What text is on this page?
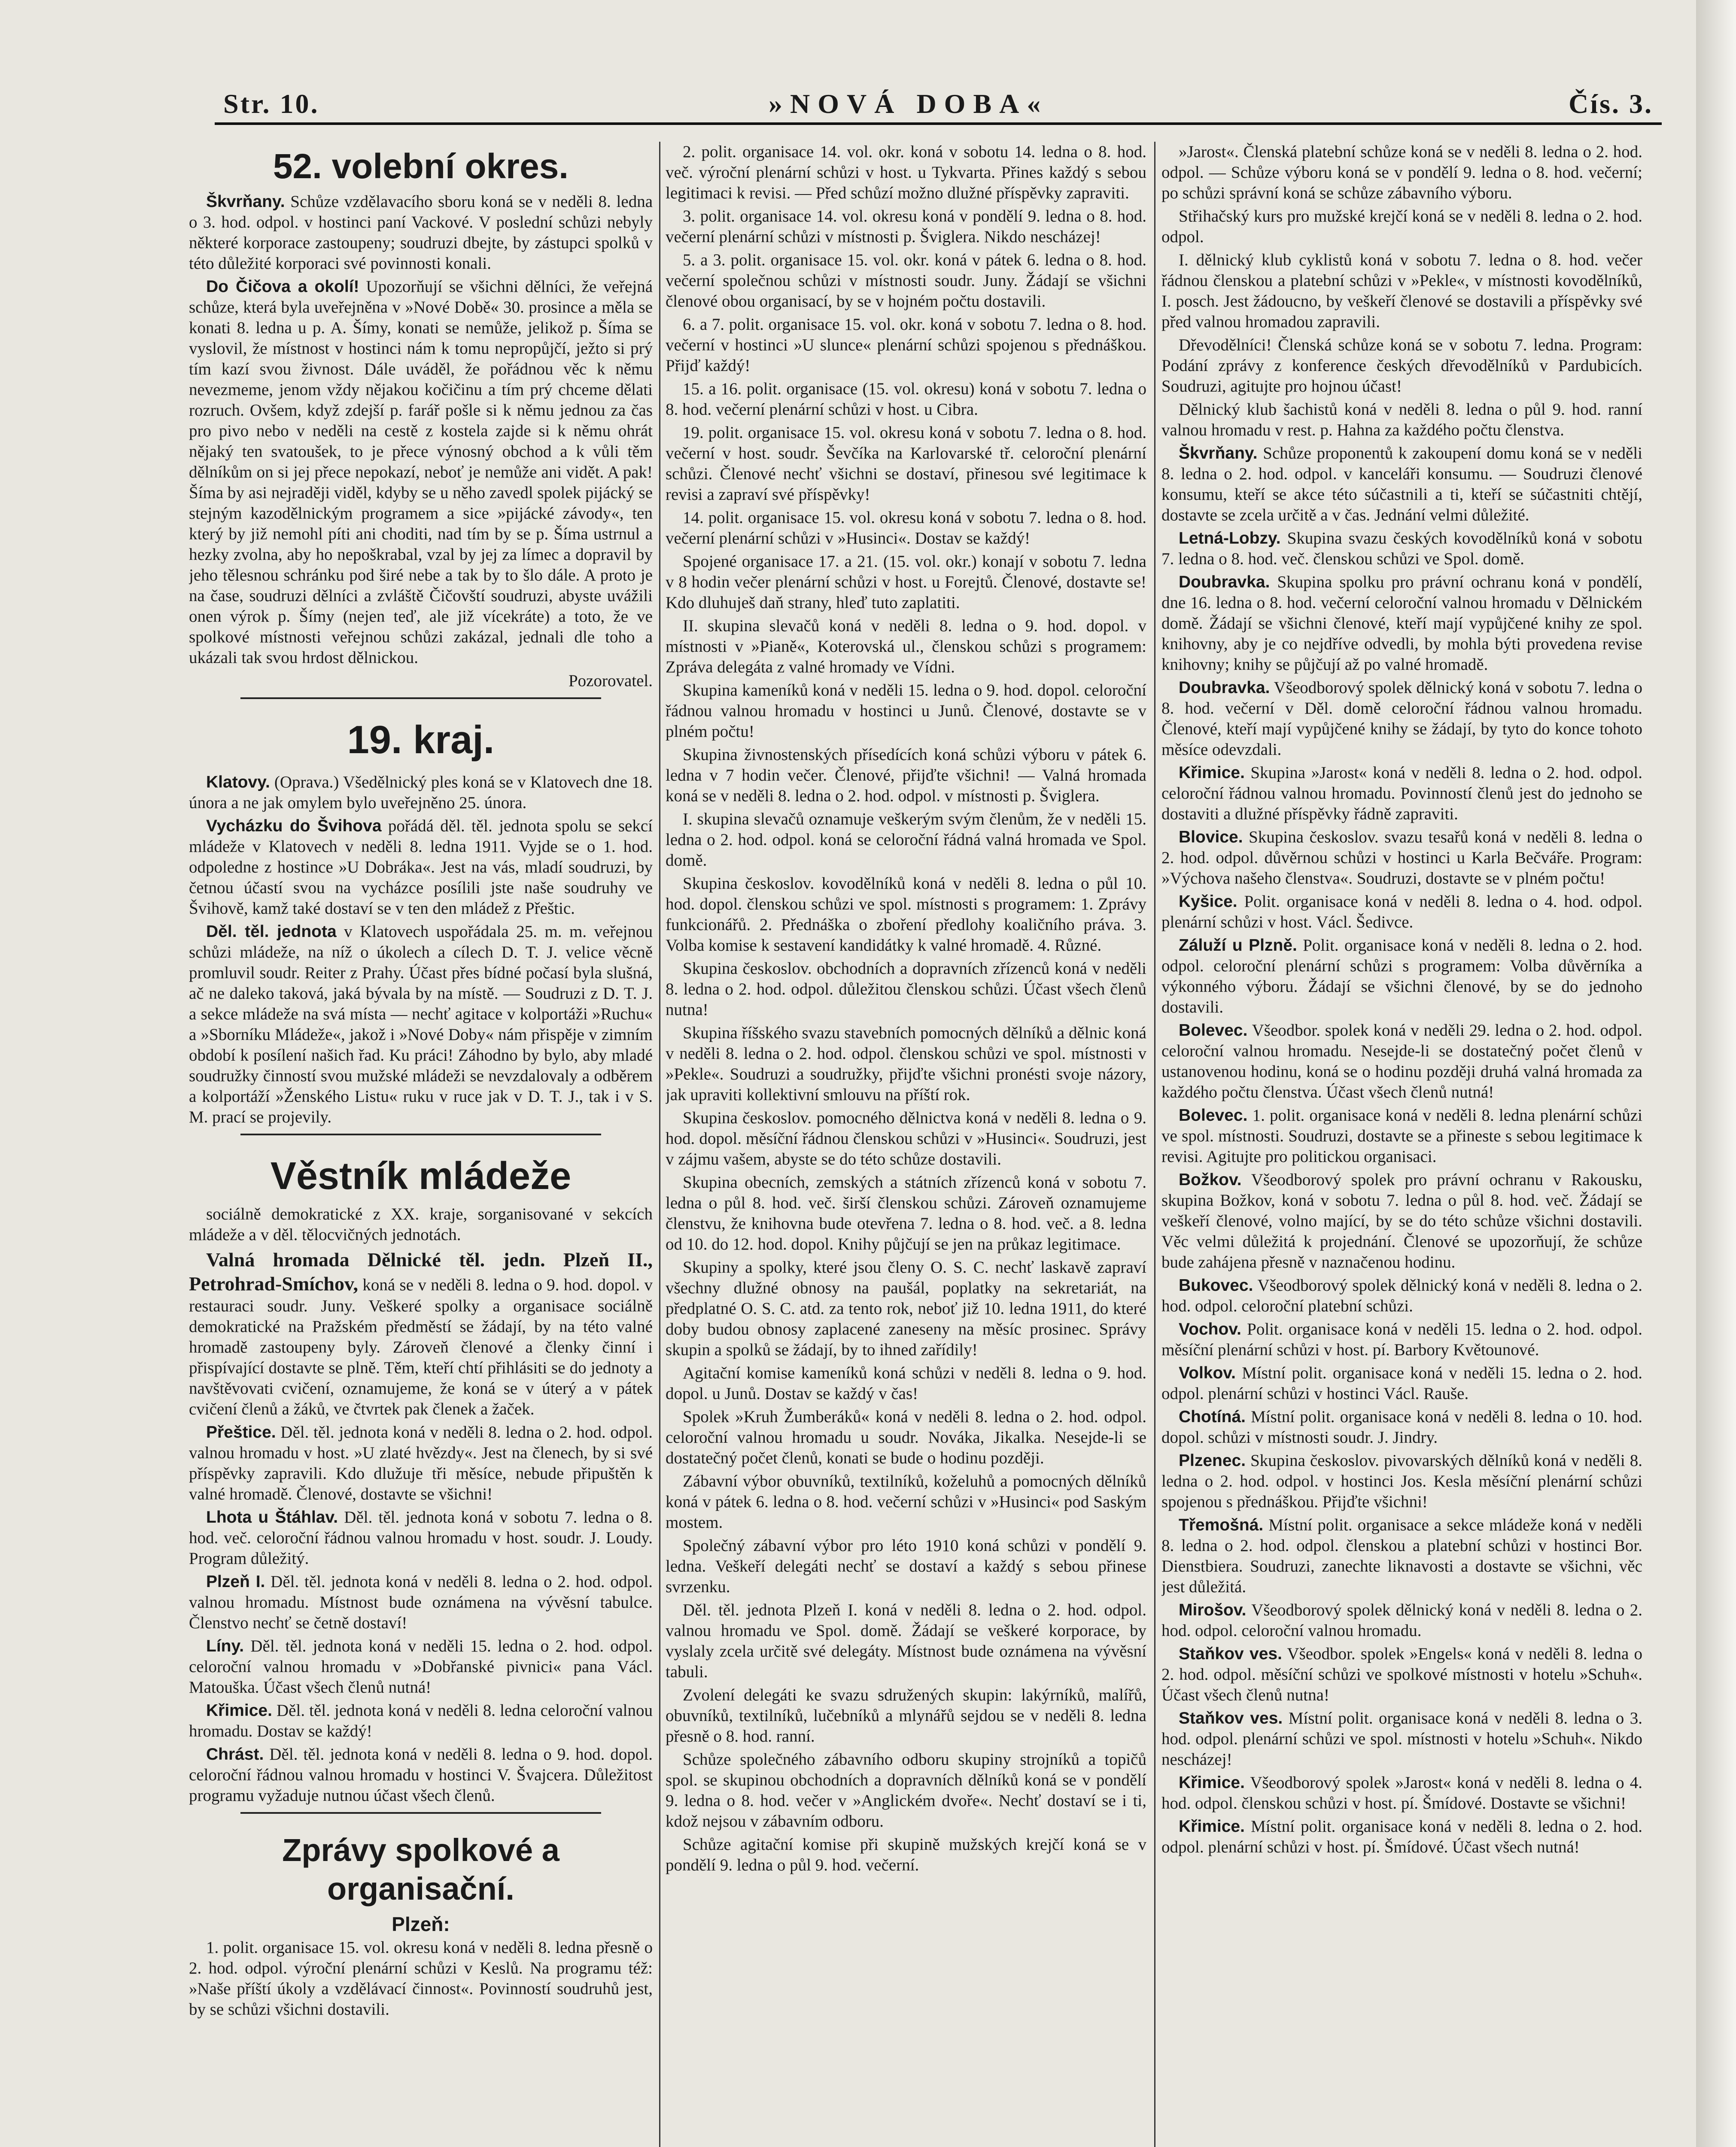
Str. 10.	»NOVÁ DOBA«	Čís. 3.
52. volební okres.

Škvrňany. Schůze vzdělavacího sboru koná se v neděli 8. ledna o 3. hod. odpol. v hostinci paní Vackové. V poslední schůzi nebyly některé korporace zastoupeny; soudruzi dbejte, by zástupci spolků v této důležité korporaci své povinnosti konali.

Do Čičova a okolí! Upozorňují se všichni dělníci, že veřejná schůze, která byla uveřejněna v »Nové Době« 30. prosince a měla se konati 8. ledna u p. A. Šímy, konati se nemůže, jelikož p. Šíma se vyslovil, že místnost v hostinci nám k tomu nepropůjčí, ježto si prý tím kazí svou živnost. Dále uváděl, že pořádnou věc k němu nevezmeme, jenom vždy nějakou kočičinu a tím prý chceme dělati rozruch. Ovšem, když zdejší p. farář pošle si k němu jednou za čas pro pivo nebo v neděli na cestě z kostela zajde si k němu ohrát nějaký ten svatoušek, to je přece výnosný obchod a k vůli těm dělníkům on si jej přece nepokazí, neboť je nemůže ani vidět. A pak! Šíma by asi nejraději viděl, kdyby se u něho zavedl spolek pijácký se stejným kazodělnickým programem a sice »pijácké závody«, ten který by již nemohl píti ani choditi, nad tím by se p. Šíma ustrnul a hezky zvolna, aby ho nepoškrabal, vzal by jej za límec a dopravil by jeho tělesnou schránku pod širé nebe a tak by to šlo dále. A proto je na čase, soudruzi dělníci a zvláště Čičovští soudruzi, abyste uvážili onen výrok p. Šímy (nejen teď, ale již vícekráte) a toto, že ve spolkové místnosti veřejnou schůzi zakázal, jednali dle toho a ukázali tak svou hrdost dělnickou.

Pozorovatel.
19. kraj.

Klatovy. (Oprava.) Všedělnický ples koná se v Klatovech dne 18. února a ne jak omylem bylo uveřejněno 25. února.

Vycházku do Švihova pořádá děl. těl. jednota spolu se sekcí mládeže v Klatovech v neděli 8. ledna 1911. Vyjde se o 1. hod. odpoledne z hostince »U Dobráka«. Jest na vás, mladí soudruzi, by četnou účastí svou na vycházce posílili jste naše soudruhy ve Švihově, kamž také dostaví se v ten den mládež z Přeštic.

Děl. těl. jednota v Klatovech uspořádala 25. m. m. veřejnou schůzi mládeže, na níž o úkolech a cílech D. T. J. velice věcně promluvil soudr. Reiter z Prahy. Účast přes bídné počasí byla slušná, ač ne daleko taková, jaká bývala by na místě. — Soudruzi z D. T. J. a sekce mládeže na svá místa — nechť agitace v kolportáži »Ruchu« a »Sborníku Mládeže«, jakož i »Nové Doby« nám přispěje v zimním období k posílení našich řad. Ku práci! Záhodno by bylo, aby mladé soudružky činností svou mužské mládeži se nevzdalovaly a odběrem a kolportáží »Ženského Listu« ruku v ruce jak v D. T. J., tak i v S. M. prací se projevily.

Věstník mládeže

sociálně demokratické z XX. kraje, sorganisované v sekcích mládeže a v děl. tělocvičných jednotách.

Valná hromada Dělnické těl. jedn. Plzeň II., Petrohrad-Smíchov, koná se v neděli 8. ledna o 9. hod. dopol. v restauraci soudr. Juny. Veškeré spolky a organisace sociálně demokratické na Pražském předměstí se žádají, by na této valné hromadě zastoupeny byly. Zároveň členové a členky činní i přispívající dostavte se plně. Těm, kteří chtí přihlásiti se do jednoty a navštěvovati cvičení, oznamujeme, že koná se v úterý a v pátek cvičení členů a žáků, ve čtvrtek pak členek a žaček.

Přeštice. Děl. těl. jednota koná v neděli 8. ledna o 2. hod. odpol. valnou hromadu v host. »U zlaté hvězdy«. Jest na členech, by si své příspěvky zapravili. Kdo dlužuje tři měsíce, nebude připuštěn k valné hromadě. Členové, dostavte se všichni!

Lhota u Štáhlav. Děl. těl. jednota koná v sobotu 7. ledna o 8. hod. več. celoroční řádnou valnou hromadu v host. soudr. J. Loudy. Program důležitý.

Plzeň I. Děl. těl. jednota koná v neděli 8. ledna o 2. hod. odpol. valnou hromadu. Místnost bude oznámena na vývěsní tabulce. Členstvo nechť se četně dostaví!

Líny. Děl. těl. jednota koná v neděli 15. ledna o 2. hod. odpol. celoroční valnou hromadu v »Dobřanské pivnici« pana Václ. Matouška. Účast všech členů nutná!

Křimice. Děl. těl. jednota koná v neděli 8. ledna celoroční valnou hromadu. Dostav se každý!

Chrást. Děl. těl. jednota koná v neděli 8. ledna o 9. hod. dopol. celoroční řádnou valnou hromadu v hostinci V. Švajcera. Důležitost programu vyžaduje nutnou účast všech členů.

Zprávy spolkové a organisační.
Plzeň:

1. polit. organisace 15. vol. okresu koná v neděli 8. ledna přesně o 2. hod. odpol. výroční plenární schůzi v Keslů. Na programu též: »Naše příští úkoly a vzdělávací činnost«. Povinností soudruhů jest, by se schůzi všichni dostavili.

2. polit. organisace 14. vol. okr. koná v sobotu 14. ledna o 8. hod. več. výroční plenární schůzi v host. u Tykvarta. Přines každý s sebou legitimaci k revisi. — Před schůzí možno dlužné příspěvky zapraviti.

3. polit. organisace 14. vol. okresu koná v pondělí 9. ledna o 8. hod. večerní plenární schůzi v místnosti p. Šviglera. Nikdo nescházej!

5. a 3. polit. organisace 15. vol. okr. koná v pátek 6. ledna o 8. hod. večerní společnou schůzi v místnosti soudr. Juny. Žádají se všichni členové obou organisací, by se v hojném počtu dostavili.

6. a 7. polit. organisace 15. vol. okr. koná v sobotu 7. ledna o 8. hod. večerní v hostinci »U slunce« plenární schůzi spojenou s přednáškou. Přijď každý!

15. a 16. polit. organisace (15. vol. okresu) koná v sobotu 7. ledna o 8. hod. večerní plenární schůzi v host. u Cibra.

19. polit. organisace 15. vol. okresu koná v sobotu 7. ledna o 8. hod. večerní v host. soudr. Ševčíka na Karlovarské tř. celoroční plenární schůzi. Členové nechť všichni se dostaví, přinesou své legitimace k revisi a zapraví své příspěvky!

14. polit. organisace 15. vol. okresu koná v sobotu 7. ledna o 8. hod. večerní plenární schůzi v »Husinci«. Dostav se každý!

Spojené organisace 17. a 21. (15. vol. okr.) konají v sobotu 7. ledna v 8 hodin večer plenární schůzi v host. u Forejtů. Členové, dostavte se! Kdo dluhuješ daň strany, hleď tuto zaplatiti.

II. skupina slevačů koná v neděli 8. ledna o 9. hod. dopol. v místnosti v »Pianě«, Koterovská ul., členskou schůzi s programem: Zpráva delegáta z valné hromady ve Vídni.

Skupina kameníků koná v neděli 15. ledna o 9. hod. dopol. celoroční řádnou valnou hromadu v hostinci u Junů. Členové, dostavte se v plném počtu!

Skupina živnostenských přísedících koná schůzi výboru v pátek 6. ledna v 7 hodin večer. Členové, přijďte všichni! — Valná hromada koná se v neděli 8. ledna o 2. hod. odpol. v místnosti p. Šviglera.

I. skupina slevačů oznamuje veškerým svým členům, že v neděli 15. ledna o 2. hod. odpol. koná se celoroční řádná valná hromada ve Spol. domě.

Skupina českoslov. kovodělníků koná v neděli 8. ledna o půl 10. hod. dopol. členskou schůzi ve spol. místnosti s programem: 1. Zprávy funkcionářů. 2. Přednáška o zboření předlohy koaličního práva. 3. Volba komise k sestavení kandidátky k valné hromadě. 4. Různé.

Skupina českoslov. obchodních a dopravních zřízenců koná v neděli 8. ledna o 2. hod. odpol. důležitou členskou schůzi. Účast všech členů nutna!

Skupina říšského svazu stavebních pomocných dělníků a dělnic koná v neděli 8. ledna o 2. hod. odpol. členskou schůzi ve spol. místnosti v »Pekle«. Soudruzi a soudružky, přijďte všichni pronésti svoje názory, jak upraviti kollektivní smlouvu na příští rok.

Skupina českoslov. pomocného dělnictva koná v neděli 8. ledna o 9. hod. dopol. měsíční řádnou členskou schůzi v »Husinci«. Soudruzi, jest v zájmu vašem, abyste se do této schůze dostavili.

Skupina obecních, zemských a státních zřízenců koná v sobotu 7. ledna o půl 8. hod. več. širší členskou schůzi. Zároveň oznamujeme členstvu, že knihovna bude otevřena 7. ledna o 8. hod. več. a 8. ledna od 10. do 12. hod. dopol. Knihy půjčují se jen na průkaz legitimace.

Skupiny a spolky, které jsou členy O. S. C. nechť laskavě zapraví všechny dlužné obnosy na paušál, poplatky na sekretariát, na předplatné O. S. C. atd. za tento rok, neboť již 10. ledna 1911, do které doby budou obnosy zaplacené zaneseny na měsíc prosinec. Správy skupin a spolků se žádají, by to ihned zařídily!

Agitační komise kameníků koná schůzi v neděli 8. ledna o 9. hod. dopol. u Junů. Dostav se každý v čas!

Spolek »Kruh Žumberáků« koná v neděli 8. ledna o 2. hod. odpol. celoroční valnou hromadu u soudr. Nováka, Jikalka. Nesejde-li se dostatečný počet členů, konati se bude o hodinu později.

Zábavní výbor obuvníků, textilníků, koželuhů a pomocných dělníků koná v pátek 6. ledna o 8. hod. večerní schůzi v »Husinci« pod Saským mostem.

Společný zábavní výbor pro léto 1910 koná schůzi v pondělí 9. ledna. Veškeří delegáti nechť se dostaví a každý s sebou přinese svrzenku.

Děl. těl. jednota Plzeň I. koná v neděli 8. ledna o 2. hod. odpol. valnou hromadu ve Spol. domě. Žádají se veškeré korporace, by vyslaly zcela určitě své delegáty. Místnost bude oznámena na vývěsní tabuli.

Zvolení delegáti ke svazu sdružených skupin: lakýrníků, malířů, obuvníků, textilníků, lučebníků a mlynářů sejdou se v neděli 8. ledna přesně o 8. hod. ranní.

Schůze společného zábavního odboru skupiny strojníků a topičů spol. se skupinou obchodních a dopravních dělníků koná se v pondělí 9. ledna o 8. hod. večer v »Anglickém dvoře«. Nechť dostaví se i ti, kdož nejsou v zábavním odboru.

Schůze agitační komise při skupině mužských krejčí koná se v pondělí 9. ledna o půl 9. hod. večerní.

»Jarost«. Členská platební schůze koná se v neděli 8. ledna o 2. hod. odpol. — Schůze výboru koná se v pondělí 9. ledna o 8. hod. večerní; po schůzi správní koná se schůze zábavního výboru.

Střihačský kurs pro mužské krejčí koná se v neděli 8. ledna o 2. hod. odpol.

I. dělnický klub cyklistů koná v sobotu 7. ledna o 8. hod. večer řádnou členskou a platební schůzi v »Pekle«, v místnosti kovodělníků, I. posch. Jest žádoucno, by veškeří členové se dostavili a příspěvky své před valnou hromadou zapravili.

Dřevodělníci! Členská schůze koná se v sobotu 7. ledna. Program: Podání zprávy z konference českých dřevodělníků v Pardubicích. Soudruzi, agitujte pro hojnou účast!

Dělnický klub šachistů koná v neděli 8. ledna o půl 9. hod. ranní valnou hromadu v rest. p. Hahna za každého počtu členstva.

Škvrňany. Schůze proponentů k zakoupení domu koná se v neděli 8. ledna o 2. hod. odpol. v kanceláři konsumu. — Soudruzi členové konsumu, kteří se akce této súčastnili a ti, kteří se súčastniti chtějí, dostavte se zcela určitě a v čas. Jednání velmi důležité.

Letná-Lobzy. Skupina svazu českých kovodělníků koná v sobotu 7. ledna o 8. hod. več. členskou schůzi ve Spol. domě.

Doubravka. Skupina spolku pro právní ochranu koná v pondělí, dne 16. ledna o 8. hod. večerní celoroční valnou hromadu v Dělnickém domě. Žádají se všichni členové, kteří mají vypůjčené knihy ze spol. knihovny, aby je co nejdříve odvedli, by mohla býti provedena revise knihovny; knihy se půjčují až po valné hromadě.

Doubravka. Všeodborový spolek dělnický koná v sobotu 7. ledna o 8. hod. večerní v Děl. domě celoroční řádnou valnou hromadu. Členové, kteří mají vypůjčené knihy se žádají, by tyto do konce tohoto měsíce odevzdali.

Křimice. Skupina »Jarost« koná v neděli 8. ledna o 2. hod. odpol. celoroční řádnou valnou hromadu. Povinností členů jest do jednoho se dostaviti a dlužné příspěvky řádně zapraviti.

Blovice. Skupina českoslov. svazu tesařů koná v neděli 8. ledna o 2. hod. odpol. důvěrnou schůzi v hostinci u Karla Bečváře. Program: »Výchova našeho členstva«. Soudruzi, dostavte se v plném počtu!

Kyšice. Polit. organisace koná v neděli 8. ledna o 4. hod. odpol. plenární schůzi v host. Václ. Šedivce.

Záluží u Plzně. Polit. organisace koná v neděli 8. ledna o 2. hod. odpol. celoroční plenární schůzi s programem: Volba důvěrníka a výkonného výboru. Žádají se všichni členové, by se do jednoho dostavili.

Bolevec. Všeodbor. spolek koná v neděli 29. ledna o 2. hod. odpol. celoroční valnou hromadu. Nesejde-li se dostatečný počet členů v ustanovenou hodinu, koná se o hodinu později druhá valná hromada za každého počtu členstva. Účast všech členů nutná!

Bolevec. 1. polit. organisace koná v neděli 8. ledna plenární schůzi ve spol. místnosti. Soudruzi, dostavte se a přineste s sebou legitimace k revisi. Agitujte pro politickou organisaci.

Božkov. Všeodborový spolek pro právní ochranu v Rakousku, skupina Božkov, koná v sobotu 7. ledna o půl 8. hod. več. Žádají se veškeří členové, volno mající, by se do této schůze všichni dostavili. Věc velmi důležitá k projednání. Členové se upozorňují, že schůze bude zahájena přesně v naznačenou hodinu.

Bukovec. Všeodborový spolek dělnický koná v neděli 8. ledna o 2. hod. odpol. celoroční platební schůzi.

Vochov. Polit. organisace koná v neděli 15. ledna o 2. hod. odpol. měsíční plenární schůzi v host. pí. Barbory Květounové.

Volkov. Místní polit. organisace koná v neděli 15. ledna o 2. hod. odpol. plenární schůzi v hostinci Václ. Rauše.

Chotíná. Místní polit. organisace koná v neděli 8. ledna o 10. hod. dopol. schůzi v místnosti soudr. J. Jindry.

Plzenec. Skupina českoslov. pivovarských dělníků koná v neděli 8. ledna o 2. hod. odpol. v hostinci Jos. Kesla měsíční plenární schůzi spojenou s přednáškou. Přijďte všichni!

Třemošná. Místní polit. organisace a sekce mládeže koná v neděli 8. ledna o 2. hod. odpol. členskou a platební schůzi v hostinci Bor. Dienstbiera. Soudruzi, zanechte liknavosti a dostavte se všichni, věc jest důležitá.

Mirošov. Všeodborový spolek dělnický koná v neděli 8. ledna o 2. hod. odpol. celoroční valnou hromadu.

Staňkov ves. Všeodbor. spolek »Engels« koná v neděli 8. ledna o 2. hod. odpol. měsíční schůzi ve spolkové místnosti v hotelu »Schuh«. Účast všech členů nutna!

Staňkov ves. Místní polit. organisace koná v neděli 8. ledna o 3. hod. odpol. plenární schůzi ve spol. místnosti v hotelu »Schuh«. Nikdo nescházej!

Křimice. Všeodborový spolek »Jarost« koná v neděli 8. ledna o 4. hod. odpol. členskou schůzi v host. pí. Šmídové. Dostavte se všichni!

Křimice. Místní polit. organisace koná v neděli 8. ledna o 2. hod. odpol. plenární schůzi v host. pí. Šmídové. Účast všech nutná!
